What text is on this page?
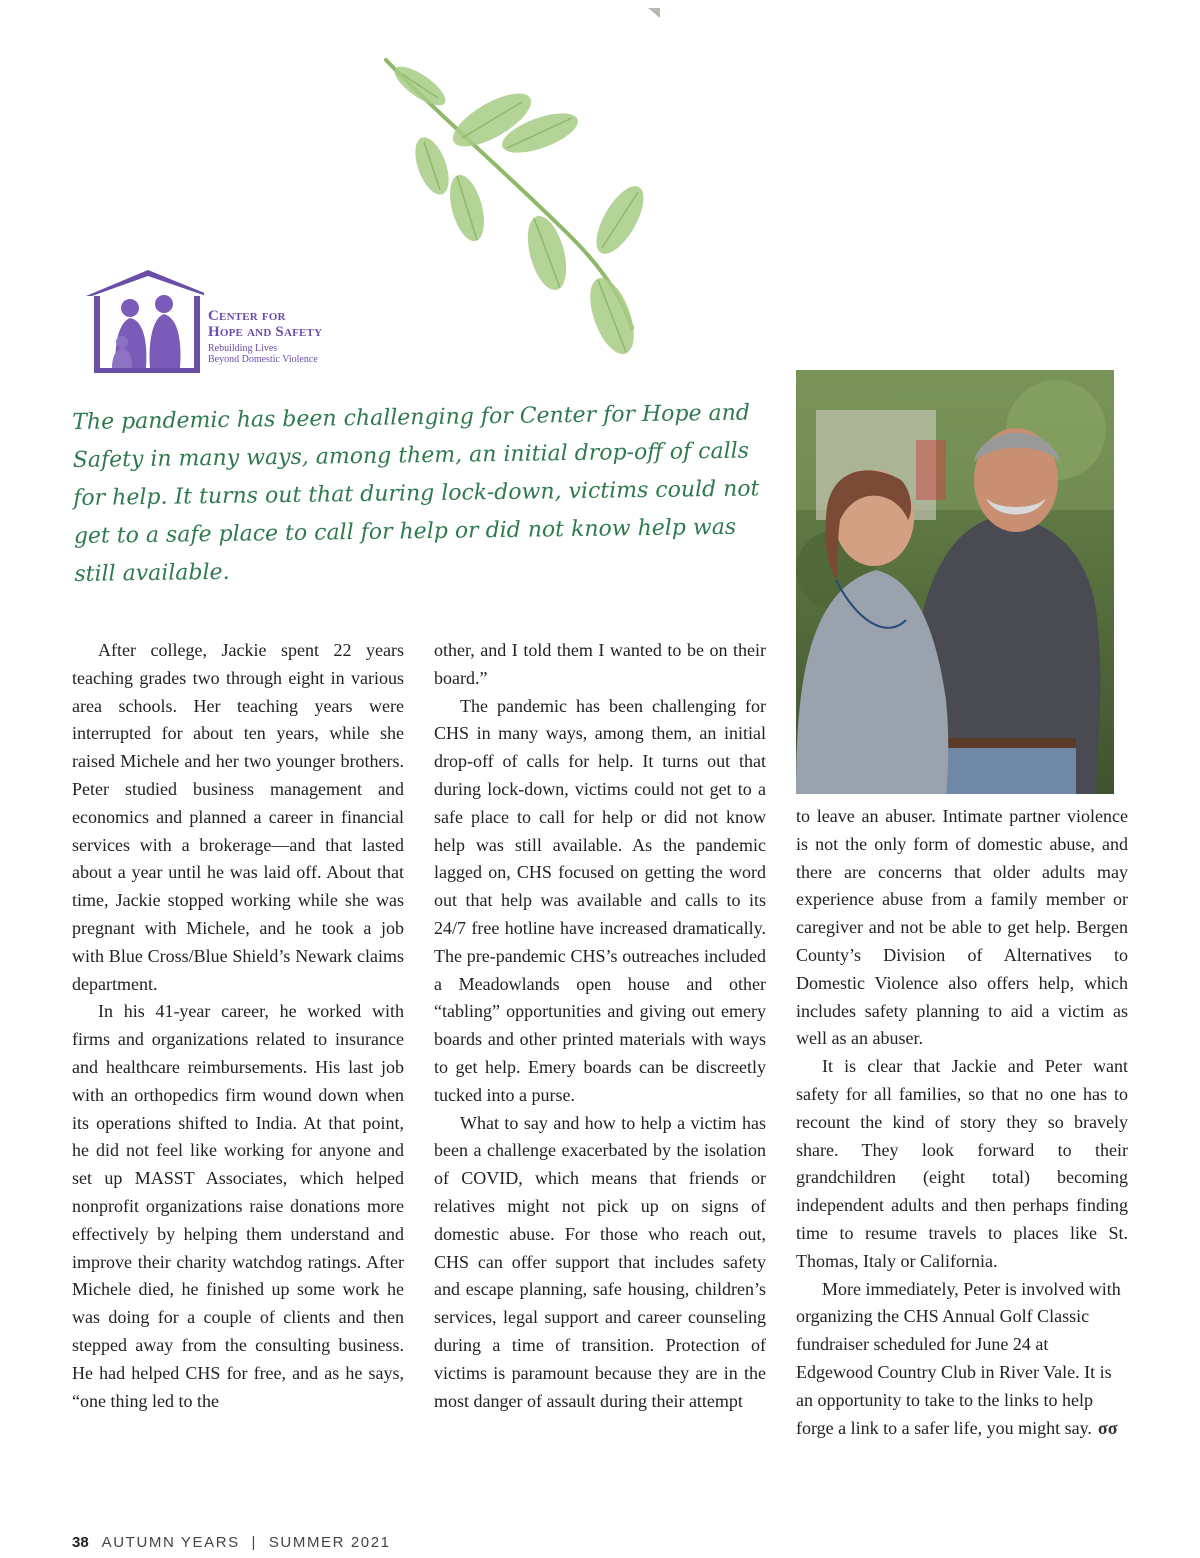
Center for
Hope and Safety
Rebuilding Lives
Beyond Domestic Violence

The pandemic has been challenging for Center for Hope and Safety in many ways, among them, an initial drop-off of calls for help. It turns out that during lock-down, victims could not get to a safe place to call for help or did not know help was still available.

After college, Jackie spent 22 years teaching grades two through eight in various area schools. Her teaching years were interrupted for about ten years, while she raised Michele and her two younger brothers. Peter studied business management and economics and planned a career in financial services with a brokerage—and that lasted about a year until he was laid off. About that time, Jackie stopped working while she was pregnant with Michele, and he took a job with Blue Cross/Blue Shield’s Newark claims department.

In his 41-year career, he worked with firms and organizations related to insurance and healthcare reimbursements. His last job with an orthopedics firm wound down when its operations shifted to India. At that point, he did not feel like working for anyone and set up MASST Associates, which helped nonprofit organizations raise donations more effectively by helping them understand and improve their charity watchdog ratings. After Michele died, he finished up some work he was doing for a couple of clients and then stepped away from the consulting business. He had helped CHS for free, and as he says, “one thing led to the

other, and I told them I wanted to be on their board.”

The pandemic has been challenging for CHS in many ways, among them, an initial drop-off of calls for help. It turns out that during lock-down, victims could not get to a safe place to call for help or did not know help was still available. As the pandemic lagged on, CHS focused on getting the word out that help was available and calls to its 24/7 free hotline have increased dramatically. The pre-pandemic CHS’s outreaches included a Meadowlands open house and other “tabling” opportunities and giving out emery boards and other printed materials with ways to get help. Emery boards can be discreetly tucked into a purse.

What to say and how to help a victim has been a challenge exacerbated by the isolation of COVID, which means that friends or relatives might not pick up on signs of domestic abuse. For those who reach out, CHS can offer support that includes safety and escape planning, safe housing, children’s services, legal support and career counseling during a time of transition. Protection of victims is paramount because they are in the most danger of assault during their attempt

to leave an abuser. Intimate partner violence is not the only form of domestic abuse, and there are concerns that older adults may experience abuse from a family member or caregiver and not be able to get help. Bergen County’s Division of Alternatives to Domestic Violence also offers help, which includes safety planning to aid a victim as well as an abuser.

It is clear that Jackie and Peter want safety for all families, so that no one has to recount the kind of story they so bravely share. They look forward to their grandchildren (eight total) becoming independent adults and then perhaps finding time to resume travels to places like St. Thomas, Italy or California.

More immediately, Peter is involved with organizing the CHS Annual Golf Classic fundraiser scheduled for June 24 at Edgewood Country Club in River Vale. It is an opportunity to take to the links to help forge a link to a safer life, you might say. σσ

38 AUTUMN YEARS | SUMMER 2021
